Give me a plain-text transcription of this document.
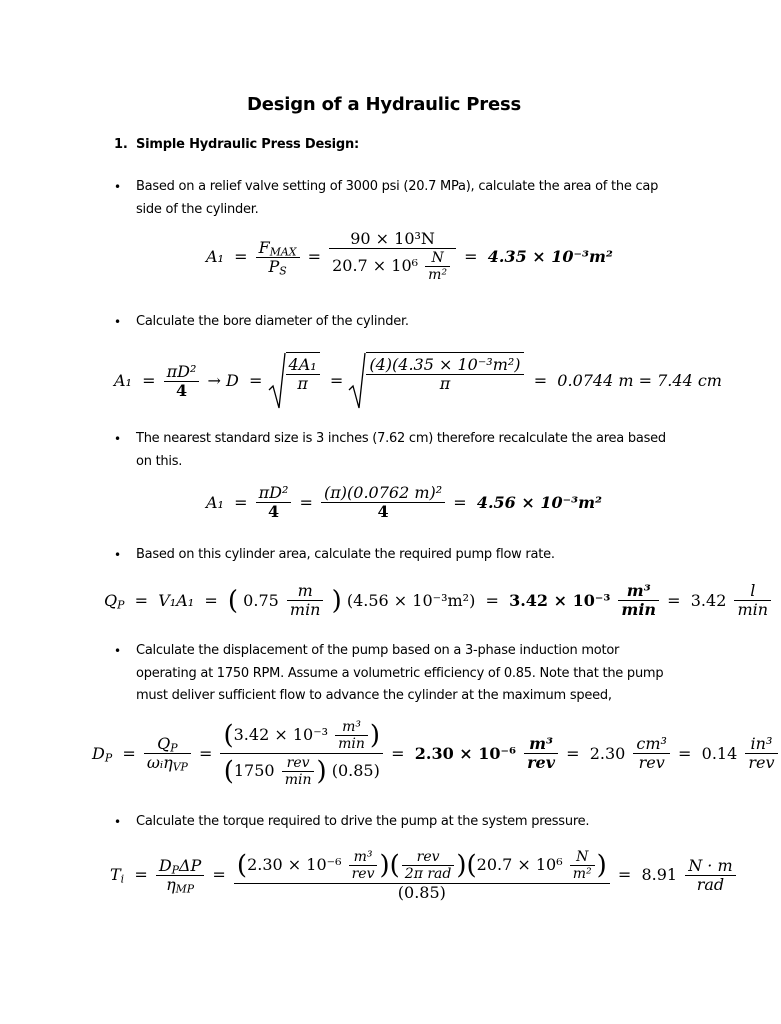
Design of a Hydraulic Press
1. Simple Hydraulic Press Design:
• Based on a relief valve setting of 3000 psi (20.7 MPa), calculate the area of the cap side of the cylinder.
$A_1 = \frac{F_{MAX}}{P_S} = \frac{\text{90 × 10³N}}{20.7 \times 10^6 \frac{N}{\text{m²}}} = 4.35 \times 10^{-3}m^2$
• Calculate the bore diameter of the cylinder.
$A_1 = \frac{\text{πD²}}{4} \to D = \frac{\text{4A₁}}{\pi} = \frac{\text{(4)(4.35 × 10⁻³m²)}}{\pi} = 0.0744$ m = 7.44 cm
• The nearest standard size is 3 inches (7.62 cm) therefore recalculate the area based on this.
$A_1 = \frac{\text{πD²}}{4} = \frac{\text{(π)(0.0762 m)²}}{4} = 4.56 \times 10^{-3}m^2$
• Based on this cylinder area, calculate the required pump flow rate.
$Q_P = V_1A_1$  =  ( $0.75 \frac{m}{\min}$ ) $(4.56 \times 10^{-3}m^2) = 3.42 \times 10^{-3} \frac{\text{m³}}{\min} = 3.42 \frac{l}{\min}$
• Calculate the displacement of the pump based on a 3-phase induction motor operating at 1750 RPM. Assume a volumetric efficiency of 0.85. Note that the pump must deliver sufficient flow to advance the cylinder at the maximum speed,
$D_P = \frac{Q_P}{\omega ᵢ\eta_{VP}} = \frac{(3.42 \times 10^{-3} \frac{\text{m³}}{\min} )}{(1750 \frac{\text{rev}}{\min} ) (0.85)} = 2.30 \times 10^{-6} \frac{\text{m³}}{\text{rev}} = 2.30 \frac{\text{cm³}}{\text{rev}} = 0.14 \frac{\text{in³}}{\text{rev}}$
• Calculate the torque required to drive the pump at the system pressure.
$T_i = \frac{D_P\Delta P}{\eta_{MP}} = (2.30 \times 10^{-6} \frac{\text{m³}}{\text{rev}}$ )( $\frac{\text{rev}}{\text{2π rad}} )(20.7 \times 10^6 \frac{N}{\text{m²}}$ )
(0.85)
=  $8.91 \frac{N \cdot m}{\text{rad}}$
